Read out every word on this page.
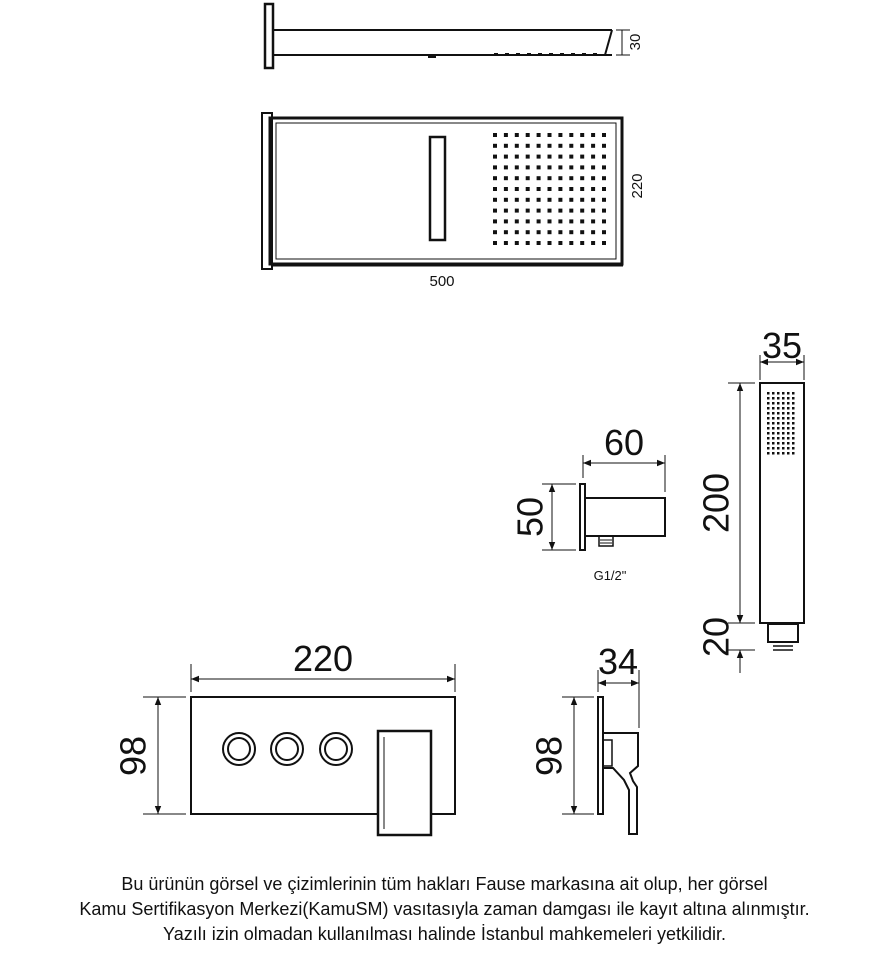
30
220
500
35
200
20
60
50
G1/2"
220
98
34
98
Bu ürünün görsel ve çizimlerinin tüm hakları Fause markasına ait olup, her görsel
Kamu Sertifikasyon Merkezi(KamuSM) vasıtasıyla zaman damgası ile kayıt altına alınmıştır.
Yazılı izin olmadan kullanılması halinde İstanbul mahkemeleri yetkilidir.
